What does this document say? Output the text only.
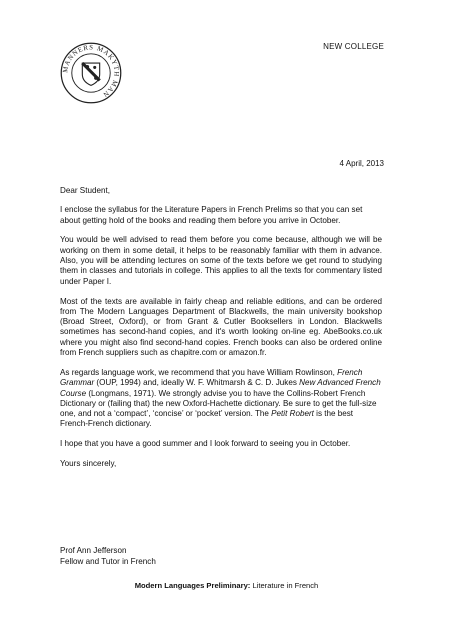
MANNERS MAKYTH MAN
NEW COLLEGE
4 April, 2013

Dear Student,

I enclose the syllabus for the Literature Papers in French Prelims so that you can set about getting hold of the books and reading them before you arrive in October.

You would be well advised to read them before you come because, although we will be working on them in some detail, it helps to be reasonably familiar with them in advance. Also, you will be attending lectures on some of the texts before we get round to studying them in classes and tutorials in college. This applies to all the texts for commentary listed under Paper I.

Most of the texts are available in fairly cheap and reliable editions, and can be ordered from The Modern Languages Department of Blackwells, the main university bookshop (Broad Street, Oxford), or from Grant & Cutler Booksellers in London. Blackwells sometimes has second-hand copies, and it's worth looking on-line eg. AbeBooks.co.uk where you might also find second-hand copies. French books can also be ordered online from French suppliers such as chapitre.com or amazon.fr.

As regards language work, we recommend that you have William Rowlinson, French Grammar (OUP, 1994) and, ideally W. F. Whitmarsh & C. D. Jukes New Advanced French Course (Longmans, 1971). We strongly advise you to have the Collins-Robert French Dictionary or (failing that) the new Oxford-Hachette dictionary. Be sure to get the full-size one, and not a ‘compact’, ‘concise’ or ‘pocket’ version. The Petit Robert is the best French-French dictionary.

I hope that you have a good summer and I look forward to seeing you in October.

Yours sincerely,

Prof Ann Jefferson
Fellow and Tutor in French
Modern Languages Preliminary: Literature in French
